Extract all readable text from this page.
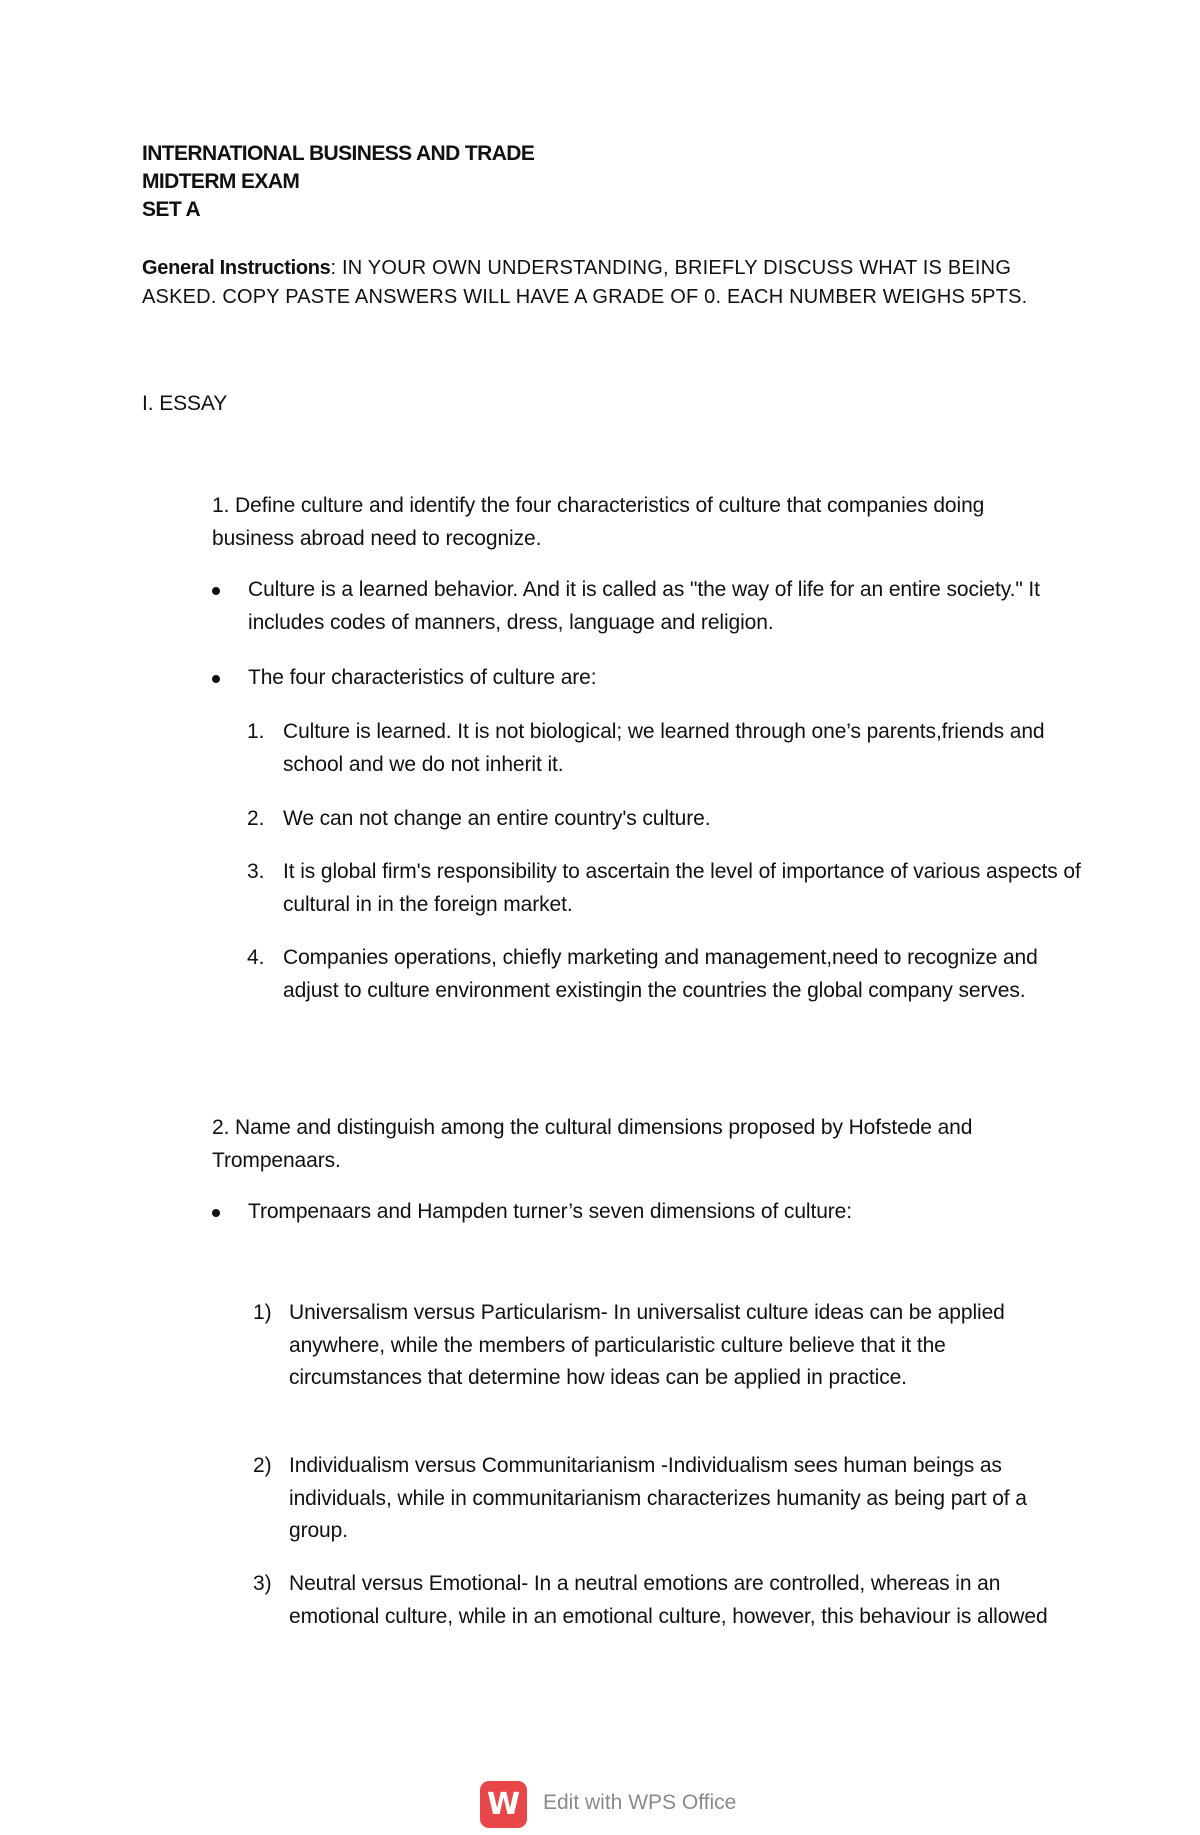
INTERNATIONAL BUSINESS AND TRADE

MIDTERM EXAM

SET A

General Instructions: IN YOUR OWN UNDERSTANDING, BRIEFLY DISCUSS WHAT IS BEING ASKED. COPY PASTE ANSWERS WILL HAVE A GRADE OF 0. EACH NUMBER WEIGHS 5PTS.

I. ESSAY

1. Define culture and identify the four characteristics of culture that companies doing business abroad need to recognize.

Culture is a learned behavior. And it is called as "the way of life for an entire society." It includes codes of manners, dress, language and religion.
The four characteristics of culture are:
1. Culture is learned. It is not biological; we learned through one’s parents,friends and school and we do not inherit it.
2. We can not change an entire country's culture.
3. It is global firm's responsibility to ascertain the level of importance of various aspects of cultural in in the foreign market.
4. Companies operations, chiefly marketing and management,need to recognize and adjust to culture environment existingin the countries the global company serves.

2. Name and distinguish among the cultural dimensions proposed by Hofstede and Trompenaars.

Trompenaars and Hampden turner’s seven dimensions of culture:
1) Universalism versus Particularism- In universalist culture ideas can be applied anywhere, while the members of particularistic culture believe that it the circumstances that determine how ideas can be applied in practice.
2) Individualism versus Communitarianism -Individualism sees human beings as individuals, while in communitarianism characterizes humanity as being part of a group.
3) Neutral versus Emotional- In a neutral emotions are controlled, whereas in an emotional culture, while in an emotional culture, however, this behaviour is allowed
W	Edit with WPS Office
